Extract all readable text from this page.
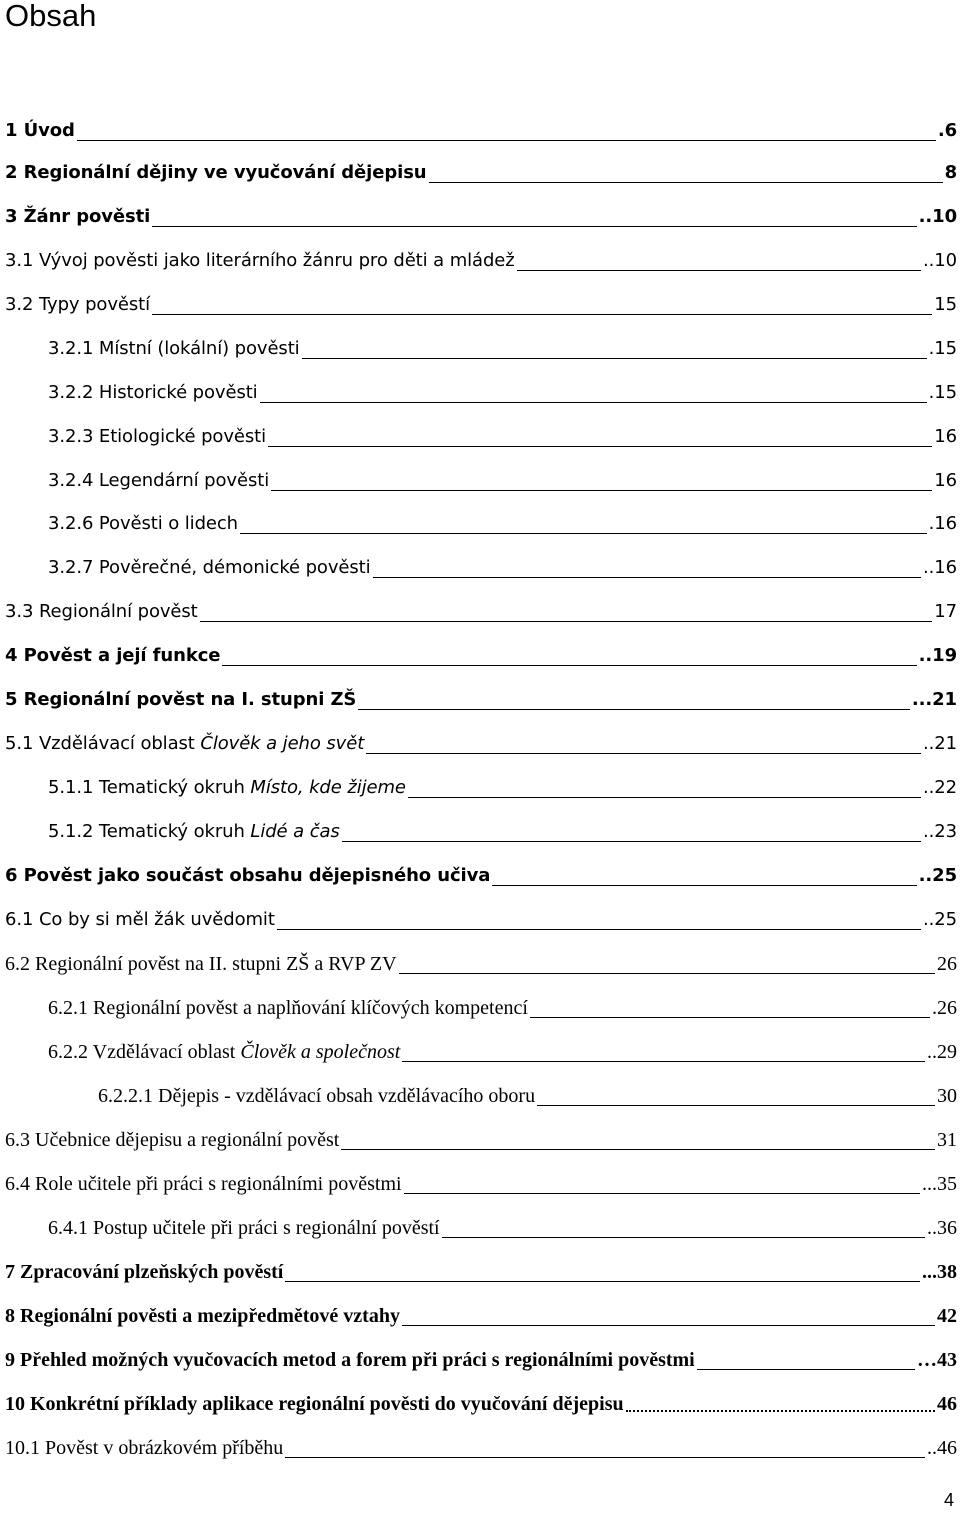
Obsah
1 Úvod	.6
2 Regionální dějiny ve vyučování dějepisu	8
3 Žánr pověsti	..10
3.1 Vývoj pověsti jako literárního žánru pro děti a mládež	..10
3.2 Typy pověstí	15
3.2.1 Místní (lokální) pověsti	.15
3.2.2 Historické pověsti	.15
3.2.3 Etiologické pověsti	16
3.2.4 Legendární pověsti	16
3.2.6 Pověsti o lidech	.16
3.2.7 Pověrečné, démonické pověsti	..16
3.3 Regionální pověst	17
4 Pověst a její funkce	..19
5 Regionální pověst na I. stupni ZŠ	...21
5.1 Vzdělávací oblast Člověk a jeho svět	..21
5.1.1 Tematický okruh Místo, kde žijeme	..22
5.1.2 Tematický okruh Lidé a čas	..23
6 Pověst jako součást obsahu dějepisného učiva	..25
6.1 Co by si měl žák uvědomit	..25
6.2 Regionální pověst na II. stupni ZŠ a RVP ZV	26
6.2.1 Regionální pověst a naplňování klíčových kompetencí	.26
6.2.2 Vzdělávací oblast Člověk a společnost	..29
6.2.2.1 Dějepis - vzdělávací obsah vzdělávacího oboru	30
6.3 Učebnice dějepisu a regionální pověst	31
6.4 Role učitele při práci s regionálními pověstmi	...35
6.4.1 Postup učitele při práci s regionální pověstí	..36
7 Zpracování plzeňských pověstí	...38
8 Regionální pověsti a mezipředmětové vztahy	42
9 Přehled možných vyučovacích metod a forem při práci s regionálními pověstmi	…43
10 Konkrétní příklady aplikace regionální pověsti do vyučování dějepisu	46
10.1 Pověst v obrázkovém příběhu	..46
4
